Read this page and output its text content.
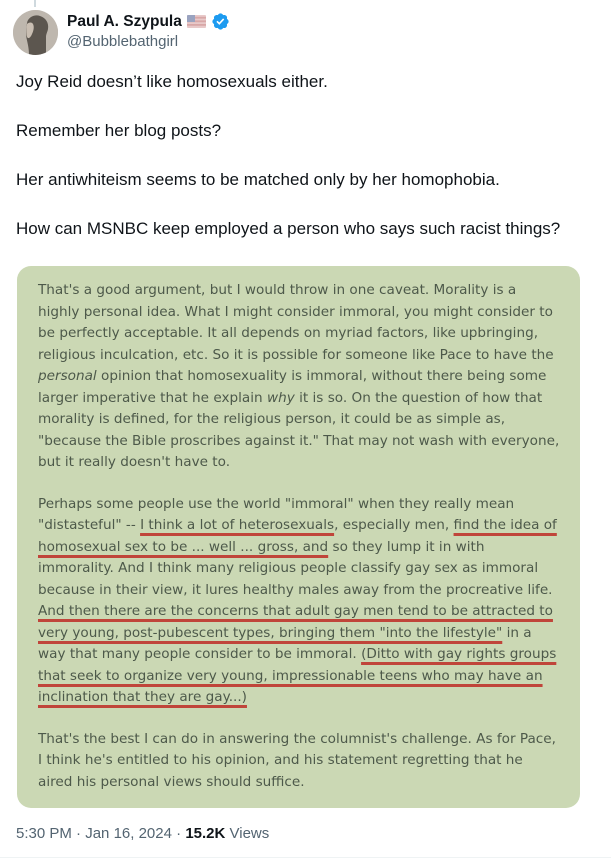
Paul A. Szypula
@Bubblebathgirl

Joy Reid doesn’t like homosexuals either.

Remember her blog posts?

Her antiwhiteism seems to be matched only by her homophobia.

How can MSNBC keep employed a person who says such racist things?

That's a good argument, but I would throw in one caveat. Morality is a highly personal idea. What I might consider immoral, you might consider to be perfectly acceptable. It all depends on myriad factors, like upbringing, religious inculcation, etc. So it is possible for someone like Pace to have the personal opinion that homosexuality is immoral, without there being some larger imperative that he explain why it is so. On the question of how that morality is defined, for the religious person, it could be as simple as, "because the Bible proscribes against it." That may not wash with everyone, but it really doesn't have to.

Perhaps some people use the world "immoral" when they really mean "distasteful" -- I think a lot of heterosexuals, especially men, find the idea of homosexual sex to be ... well ... gross, and so they lump it in with immorality. And I think many religious people classify gay sex as immoral because in their view, it lures healthy males away from the procreative life. And then there are the concerns that adult gay men tend to be attracted to very young, post-pubescent types, bringing them "into the lifestyle" in a way that many people consider to be immoral. (Ditto with gay rights groups that seek to organize very young, impressionable teens who may have an inclination that they are gay...)

That's the best I can do in answering the columnist's challenge. As for Pace, I think he's entitled to his opinion, and his statement regretting that he aired his personal views should suffice.

5:30 PM · Jan 16, 2024 · 15.2K Views
